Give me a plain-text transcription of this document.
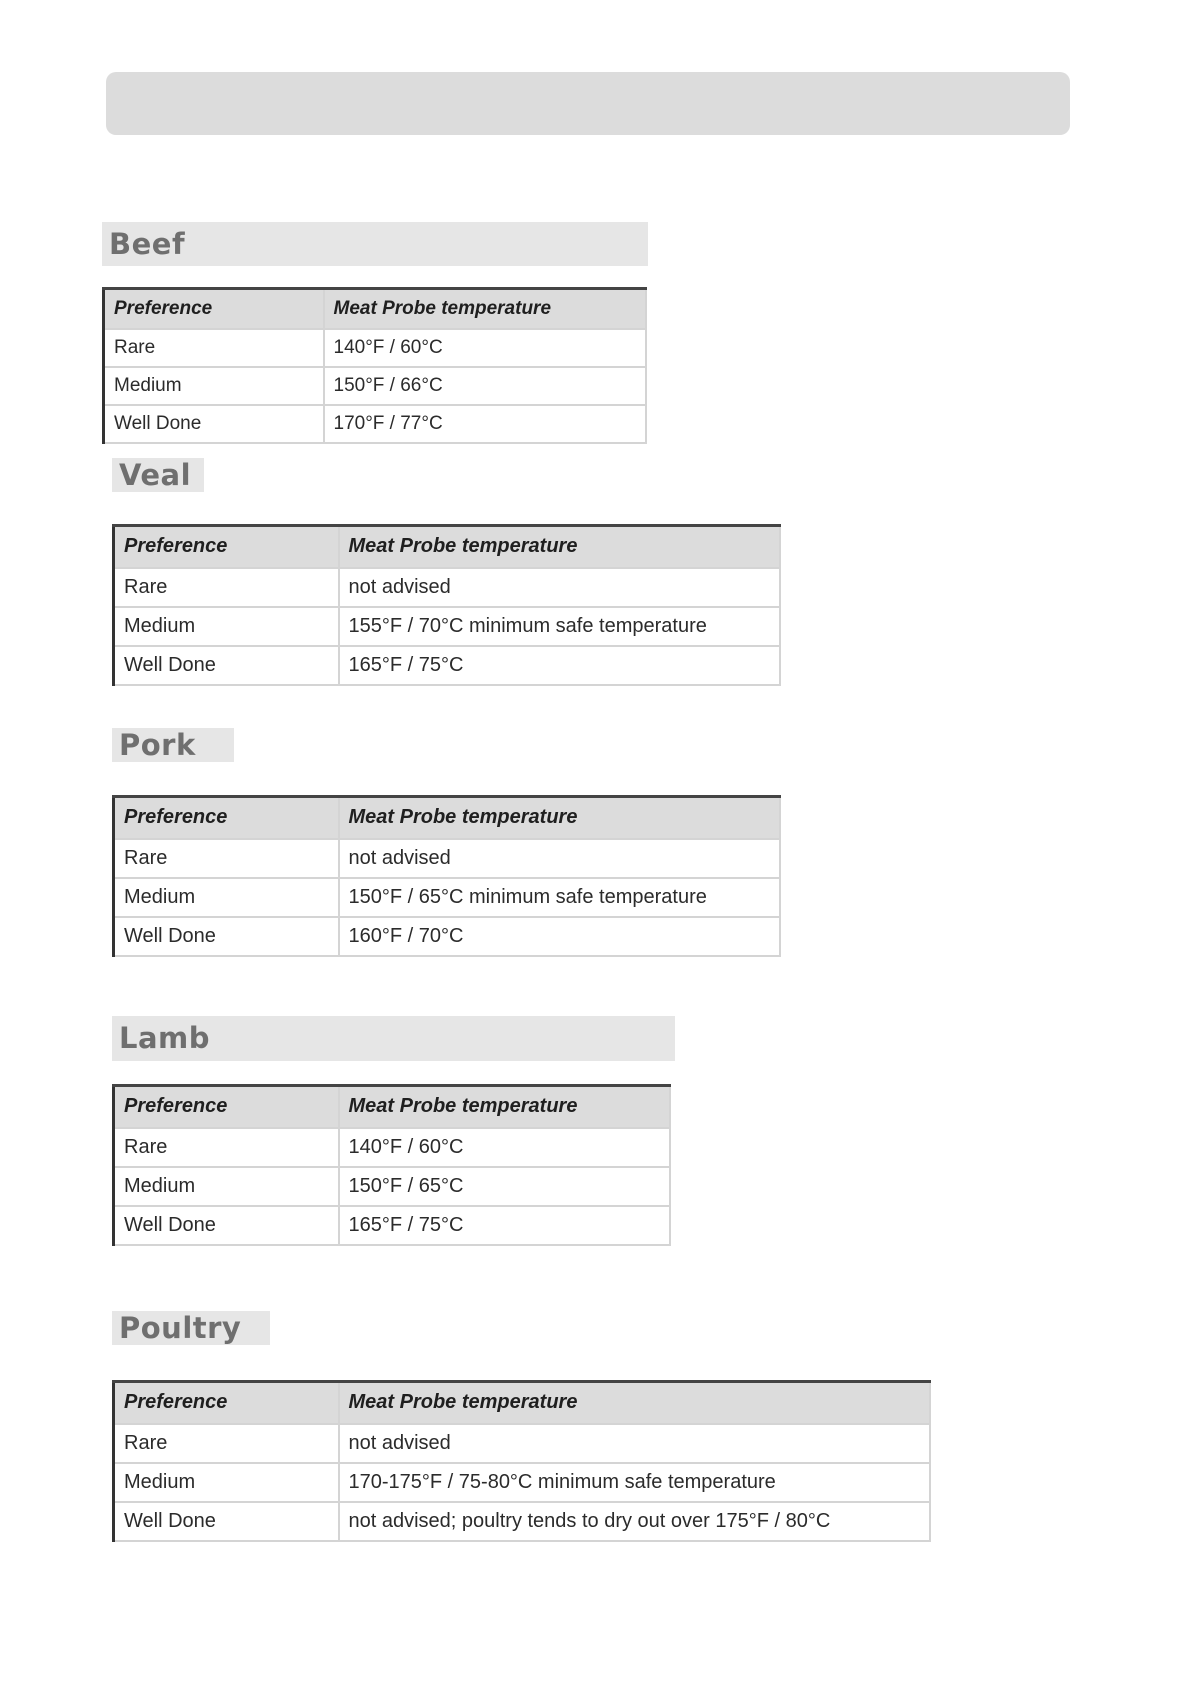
Beef
Preference	Meat Probe temperature
Rare	140°F / 60°C
Medium	150°F / 66°C
Well Done	170°F / 77°C
Veal
Preference	Meat Probe temperature
Rare	not advised
Medium	155°F / 70°C minimum safe temperature
Well Done	165°F / 75°C
Pork
Preference	Meat Probe temperature
Rare	not advised
Medium	150°F / 65°C minimum safe temperature
Well Done	160°F / 70°C
Lamb
Preference	Meat Probe temperature
Rare	140°F / 60°C
Medium	150°F / 65°C
Well Done	165°F / 75°C
Poultry
Preference	Meat Probe temperature
Rare	not advised
Medium	170-175°F / 75-80°C minimum safe temperature
Well Done	not advised; poultry tends to dry out over 175°F / 80°C
